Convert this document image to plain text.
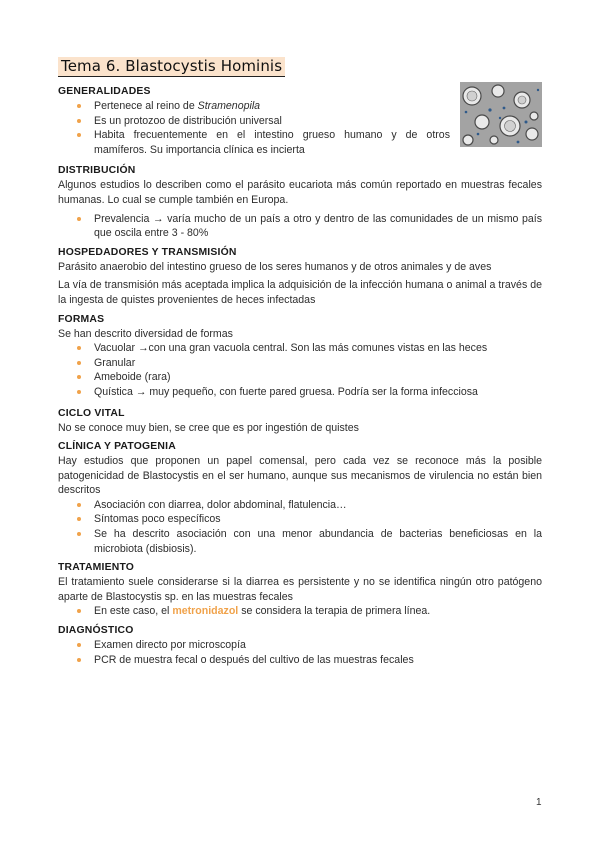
Tema 6. Blastocystis Hominis
GENERALIDADES
Pertenece al reino de Stramenopila
Es un protozoo de distribución universal
Habita frecuentemente en el intestino grueso humano y de otros mamíferos. Su importancia clínica es incierta
DISTRIBUCIÓN

Algunos estudios lo describen como el parásito eucariota más común reportado en muestras fecales humanas. Lo cual se cumple también en Europa.

Prevalencia → varía mucho de un país a otro y dentro de las comunidades de un mismo país que oscila entre 3 - 80%
HOSPEDADORES Y TRANSMISIÓN

Parásito anaerobio del intestino grueso de los seres humanos y de otros animales y de aves

La vía de transmisión más aceptada implica la adquisición de la infección humana o animal a través de la ingesta de quistes provenientes de heces infectadas

FORMAS

Se han descrito diversidad de formas

Vacuolar →con una gran vacuola central. Son las más comunes vistas en las heces
Granular
Ameboide (rara)
Quística → muy pequeño, con fuerte pared gruesa. Podría ser la forma infecciosa
CICLO VITAL

No se conoce muy bien, se cree que es por ingestión de quistes

CLÍNICA Y PATOGENIA

Hay estudios que proponen un papel comensal, pero cada vez se reconoce más la posible patogenicidad de Blastocystis en el ser humano, aunque sus mecanismos de virulencia no están bien descritos

Asociación con diarrea, dolor abdominal, flatulencia…
Síntomas poco específicos
Se ha descrito asociación con una menor abundancia de bacterias beneficiosas en la microbiota (disbiosis).
TRATAMIENTO

El tratamiento suele considerarse si la diarrea es persistente y no se identifica ningún otro patógeno aparte de Blastocystis sp. en las muestras fecales

En este caso, el metronidazol se considera la terapia de primera línea.
DIAGNÓSTICO
Examen directo por microscopía
PCR de muestra fecal o después del cultivo de las muestras fecales
1
